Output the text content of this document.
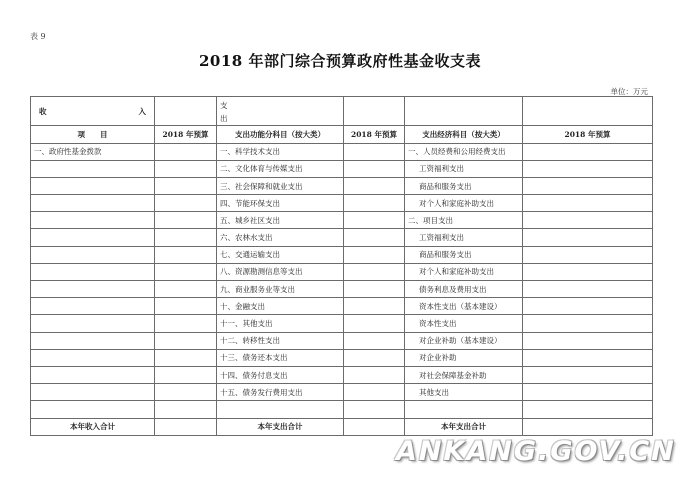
表 9
2018 年部门综合预算政府性基金收支表
单位：万元
收 入		支
出			

项　　目	2018 年预算	支出功能分科目（按大类）	2018 年预算	支出经济科目（按大类）	2018 年预算
一、政府性基金拨款		一、科学技术支出		一、人员经费和公用经费支出	
		二、文化体育与传媒支出		工资福利支出	
		三、社会保障和就业支出		商品和服务支出	
		四、节能环保支出		对个人和家庭补助支出	
		五、城乡社区支出		二、项目支出	
		六、农林水支出		工资福利支出	
		七、交通运输支出		商品和服务支出	
		八、资源勘测信息等支出		对个人和家庭补助支出	
		九、商业服务业等支出		债务利息及费用支出	
		十、金融支出		资本性支出（基本建设）	
		十一、其他支出		资本性支出	
		十二、转移性支出		对企业补助（基本建设）	
		十三、债务还本支出		对企业补助	
		十四、债务付息支出		对社会保障基金补助	
		十五、债务发行费用支出		其他支出	

本年收入合计		本年支出合计		本年支出合计	
ANKANG.GOV.CN
